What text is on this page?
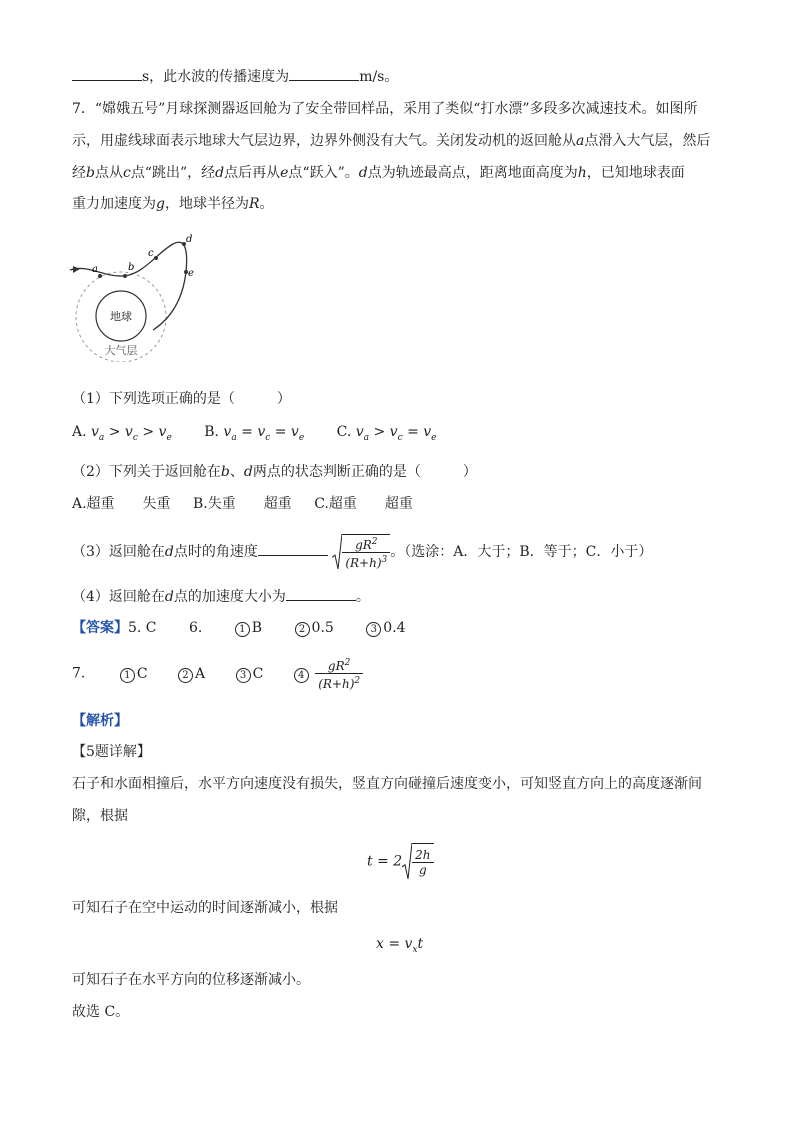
s，此水波的传播速度为	m/s。
7．“嫦娥五号”月球探测器返回舱为了安全带回样品，采用了类似“打水漂”多段多次减速技术。如图所
示，用虚线球面表示地球大气层边界，边界外侧没有大气。关闭发动机的返回舱从a点滑入大气层，然后
经b点从c点“跳出”，经d点后再从e点“跃入”。d点为轨迹最高点，距离地面高度为h，已知地球表面
重力加速度为g，地球半径为R。
地球
大气层
a	b
c
d
e
（1）下列选项正确的是（　　　）
A. $v_a > v_c > v_e$ B. $v_a = v_c = v_e$ C. $v_a > v_c = v_e$
（2）下列关于返回舱在b、d两点的状态判断正确的是（　　　）
A.超重　　失重 B.失重　　超重 C.超重　　超重
（3）返回舱在d点时的角速度	$\frac{gR^2}{(R+h)^3}$ 。（选涂：A．大于；B．等于；C．小于）
（4）返回舱在d点的加速度大小为	。
【答案】5. C 6.	1 B	2 0.5	3 0.4
7.	1 C	2 A	3 C	$4 \frac{gR^2}{(R+h)^2}$
【解析】
【5题详解】
石子和水面相撞后，水平方向速度没有损失，竖直方向碰撞后速度变小，可知竖直方向上的高度逐渐间
隙，根据
$t = 2 \frac{2h}{g}$
可知石子在空中运动的时间逐渐减小，根据
$x = v_xt$
可知石子在水平方向的位移逐渐减小。
故选 C。
